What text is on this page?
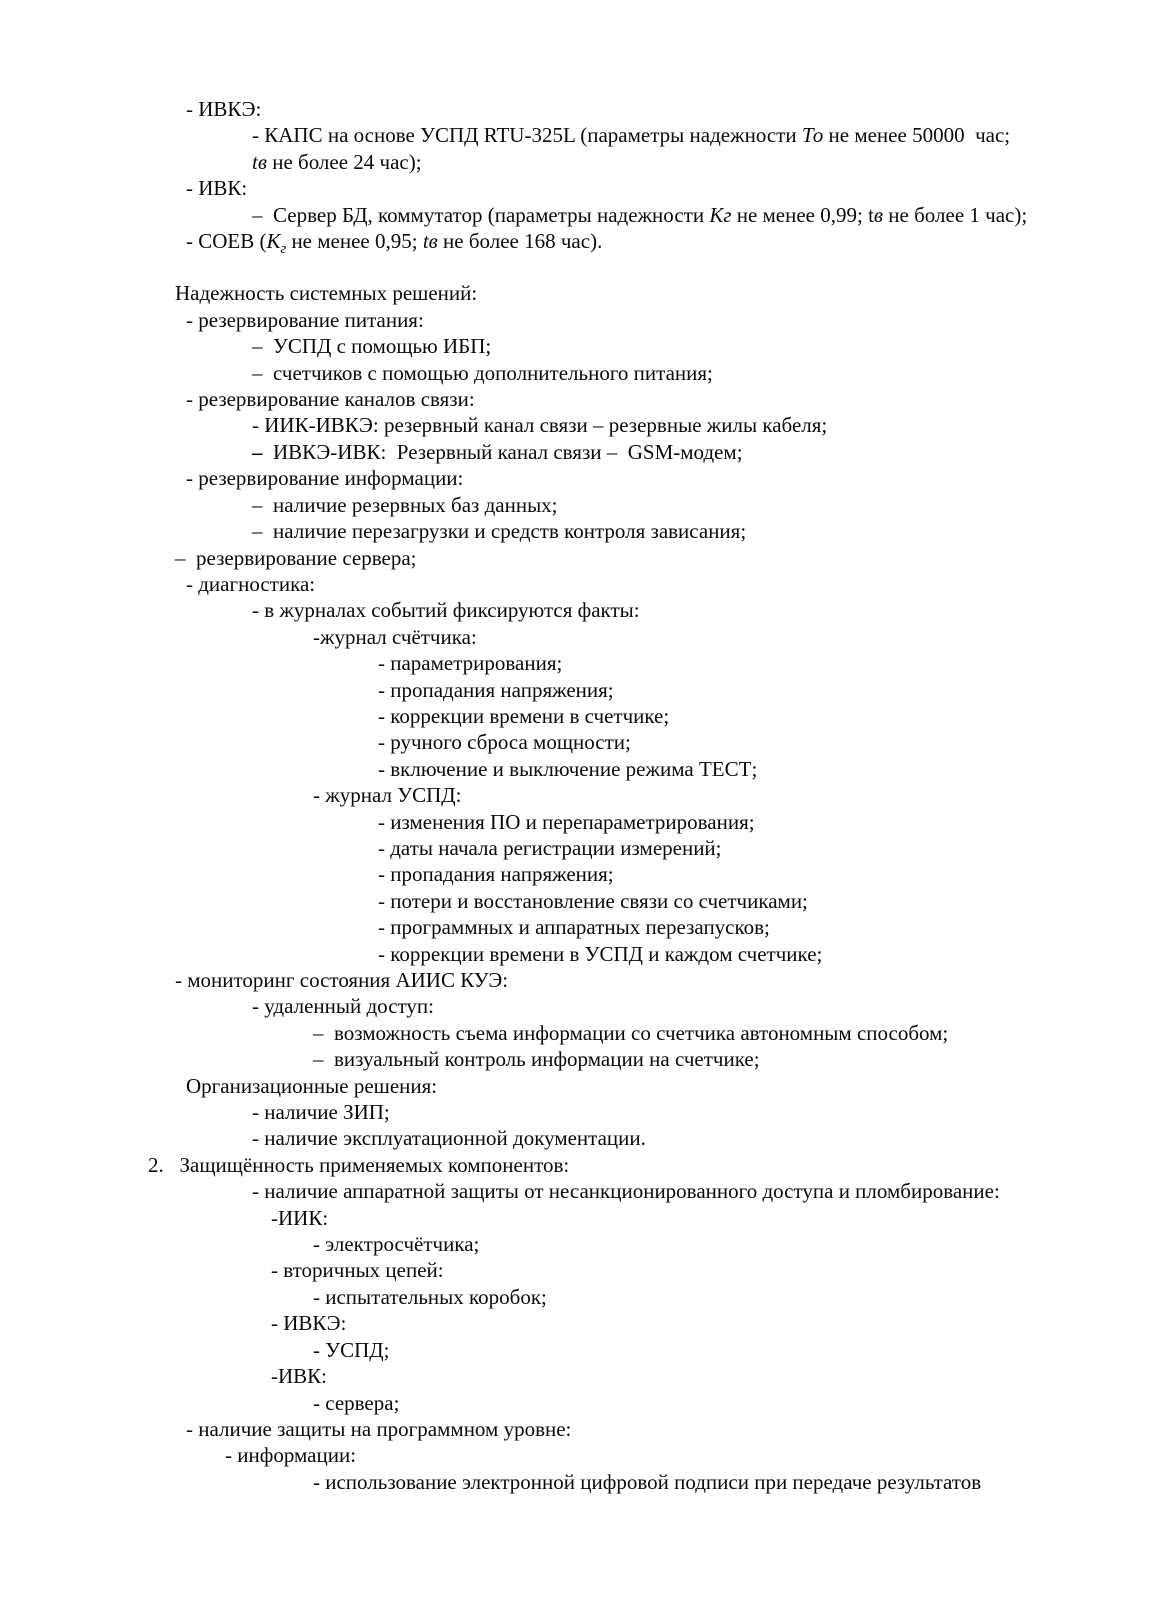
- ИВКЭ:
- КАПС на основе УСПД RTU-325L (параметры надежности То не менее 50000  час;
tв не более 24 час);
- ИВК:
–  Сервер БД, коммутатор (параметры надежности Кг не менее 0,99; tв не более 1 час);
- СОЕВ ($К_г$ не менее 0,95; tв не более 168 час).
Надежность системных решений:
- резервирование питания:
–  УСПД с помощью ИБП;
–  счетчиков с помощью дополнительного питания;
- резервирование каналов связи:
- ИИК-ИВКЭ: резервный канал связи – резервные жилы кабеля;
–  ИВКЭ-ИВК:  Резервный канал связи –  GSM-модем;
- резервирование информации:
–  наличие резервных баз данных;
–  наличие перезагрузки и средств контроля зависания;
–  резервирование сервера;
- диагностика:
- в журналах событий фиксируются факты:
-журнал счётчика:
- параметрирования;
- пропадания напряжения;
- коррекции времени в счетчике;
- ручного сброса мощности;
- включение и выключение режима ТЕСТ;
- журнал УСПД:
- изменения ПО и перепараметрирования;
- даты начала регистрации измерений;
- пропадания напряжения;
- потери и восстановление связи со счетчиками;
- программных и аппаратных перезапусков;
- коррекции времени в УСПД и каждом счетчике;
- мониторинг состояния АИИС КУЭ:
- удаленный доступ:
–  возможность съема информации со счетчика автономным способом;
–  визуальный контроль информации на счетчике;
Организационные решения:
- наличие ЗИП;
- наличие эксплуатационной документации.
2.   Защищённость применяемых компонентов:
- наличие аппаратной защиты от несанкционированного доступа и пломбирование:
-ИИК:
- электросчётчика;
- вторичных цепей:
- испытательных коробок;
- ИВКЭ:
- УСПД;
-ИВК:
- сервера;
- наличие защиты на программном уровне:
- информации:
- использование электронной цифровой подписи при передаче результатов
